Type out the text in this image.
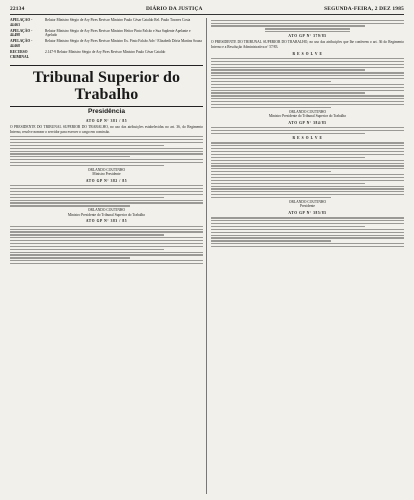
22134	DIÁRIO DA JUSTIÇA	SEGUNDA-FEIRA, 2 DEZ 1985
APELAÇÃO - 44.663
Relator Ministro Sérgio de Ary Pires Revisor Ministro Paulo César Cataldo Rel. Paulo Tavares Costa
APELAÇÃO - 44.498
Relator Ministro Sérgio de Ary Pires Revisor Ministro Heitor Pinto Falcão e Sua Suplente Apelante e Apelado
APELAÇÃO - 44.668
Relator Ministro Sérgio de Ary Pires Revisor Ministro Ex. Pinto Falcão Adv.º Elizabeth Dória Martins Souza
RECURSO CRIMINAL
2.147-9 Relator Ministro Sérgio de Ary Pires Revisor Ministro Paulo César Cataldo
Tribunal Superior do Trabalho
Presidência
ATO GP Nº 381 / 85

O PRESIDENTE DO TRIBUNAL SUPERIOR DO TRABALHO, no uso das atribuições estabelecidas no art. 36, do Regimento Interno, resolve nomear o servidor para exercer o cargo em comissão.

ORLANDO COUTINHO
Ministro Presidente
ATO GP Nº 382 / 85
ORLANDO COUTINHO
Ministro Presidente do Tribunal Superior do Trabalho
ATO GP Nº 383 / 85
ATO GP Nº 379/85

O PRESIDENTE DO TRIBUNAL SUPERIOR DO TRABALHO, no uso das atribuições que lhe conferem o art. 36 do Regimento Interno e a Resolução Administrativa nº 57/83.

R E S O L V E
ORLANDO COUTINHO
Ministro Presidente do Tribunal Superior do Trabalho
ATO GP Nº 384/85
R E S O L V E
ORLANDO COUTINHO
Presidente
ATO GP Nº 385/85
